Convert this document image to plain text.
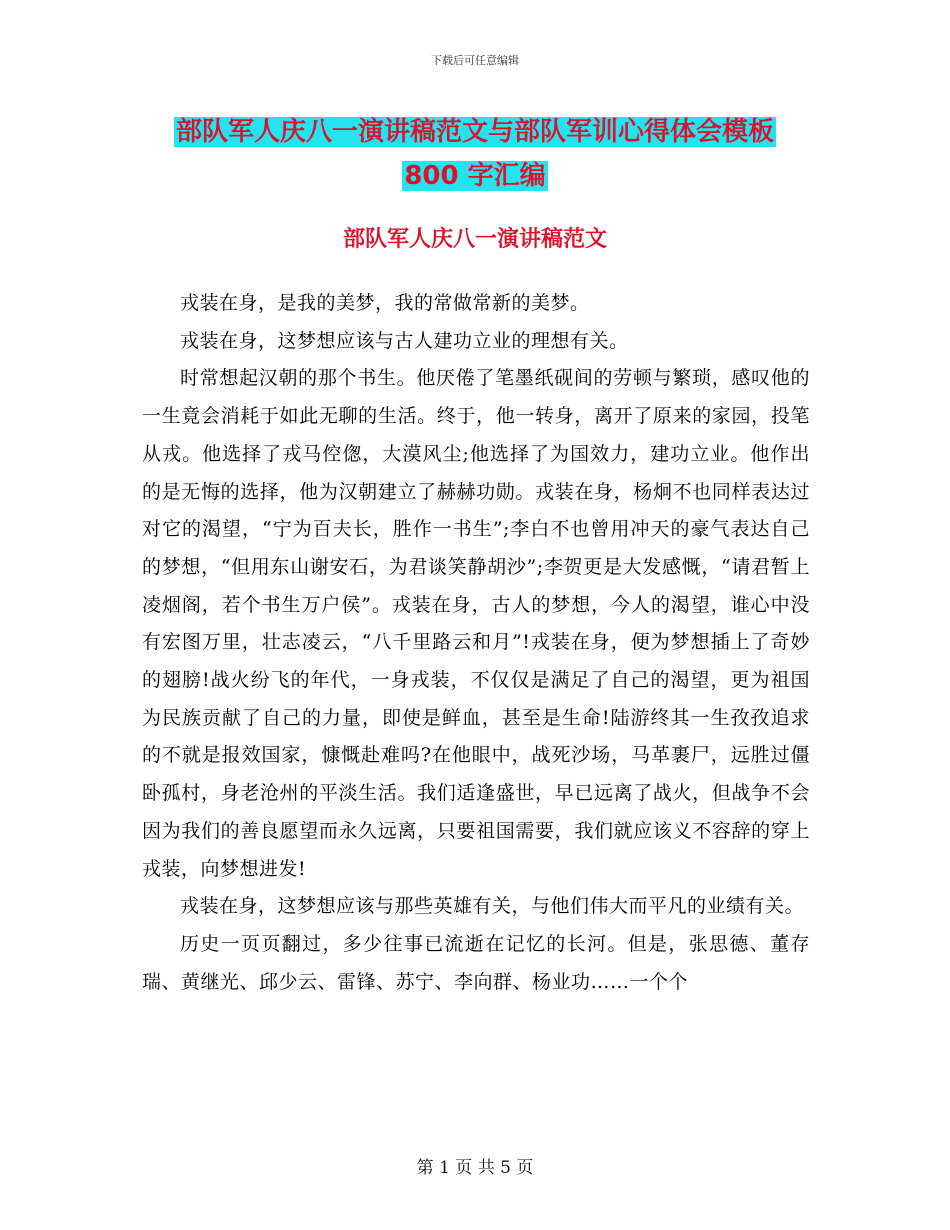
下载后可任意编辑
部队军人庆八一演讲稿范文与部队军训心得体会模板
800 字汇编
部队军人庆八一演讲稿范文

戎装在身，是我的美梦，我的常做常新的美梦。

戎装在身，这梦想应该与古人建功立业的理想有关。

时常想起汉朝的那个书生。他厌倦了笔墨纸砚间的劳顿与繁琐，感叹他的一生竟会消耗于如此无聊的生活。终于，他一转身，离开了原来的家园，投笔从戎。他选择了戎马倥偬，大漠风尘;他选择了为国效力，建功立业。他作出的是无悔的选择，他为汉朝建立了赫赫功勋。戎装在身，杨炯不也同样表达过对它的渴望，“宁为百夫长，胜作一书生”;李白不也曾用冲天的豪气表达自己的梦想，“但用东山谢安石，为君谈笑静胡沙”;李贺更是大发感慨，“请君暂上凌烟阁，若个书生万户侯”。戎装在身，古人的梦想，今人的渴望，谁心中没有宏图万里，壮志凌云，“八千里路云和月”!戎装在身，便为梦想插上了奇妙的翅膀!战火纷飞的年代，一身戎装，不仅仅是满足了自己的渴望，更为祖国为民族贡献了自己的力量，即使是鲜血，甚至是生命!陆游终其一生孜孜追求的不就是报效国家，慷慨赴难吗?在他眼中，战死沙场，马革裹尸，远胜过僵卧孤村，身老沧州的平淡生活。我们适逢盛世，早已远离了战火，但战争不会因为我们的善良愿望而永久远离，只要祖国需要，我们就应该义不容辞的穿上戎装，向梦想进发!

戎装在身，这梦想应该与那些英雄有关，与他们伟大而平凡的业绩有关。

历史一页页翻过，多少往事已流逝在记忆的长河。但是，张思德、董存瑞、黄继光、邱少云、雷锋、苏宁、李向群、杨业功……一个个

第 1 页 共 5 页
